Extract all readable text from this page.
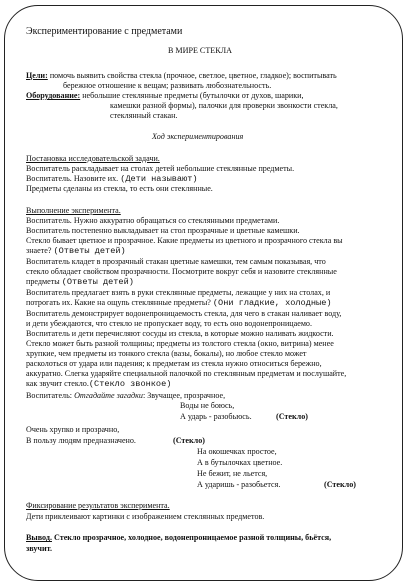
Экспериментирование с предметами
В МИРЕ СТЕКЛА
Цели: помочь выявить свойства стекла (прочное, светлое, цветное, гладкое); воспитывать
бережное отношение к вещам; развивать любознательность.
Оборудование: небольшие стеклянные предметы (бутылочки от духов, шарики,
камешки разной формы), палочки для проверки звонкости стекла,
стеклянный стакан.
Ход экспериментирования
Постановка исследовательской задачи.
Воспитатель раскладывает на столах детей небольшие стеклянные предметы.
Воспитатель. Назовите их. (Дети называют)
Предметы сделаны из стекла, то есть они стеклянные.
Выполнение эксперимента.
Воспитатель. Нужно аккуратно обращаться со стеклянными предметами.
Воспитатель постепенно выкладывает на стол прозрачные и цветные камешки.
Стекло бывает цветное и прозрачное. Какие предметы из цветного и прозрачного стекла вы
знаете? (Ответы детей)
Воспитатель кладет в прозрачный стакан цветные камешки, тем самым показывая, что
стекло обладает свойством прозрачности. Посмотрите вокруг себя и назовите стеклянные
предметы (Ответы детей)
Воспитатель предлагает взять в руки стеклянные предметы, лежащие у них на столах, и
потрогать их. Какие на ощупь стеклянные предметы? (Они гладкие, холодные)
Воспитатель демонстрирует водонепроницаемость стекла, для чего в стакан наливает воду,
и дети убеждаются, что стекло не пропускает воду, то есть оно водонепроницаемо.
Воспитатель и дети перечисляют сосуды из стекла, в которые можно наливать жидкости.
Стекло может быть разной толщины; предметы из толстого стекла (окно, витрина) менее
хрупкие, чем предметы из тонкого стекла (вазы, бокалы), но любое стекло может
расколоться от удара или падения; к предметам из стекла нужно относиться бережно,
аккуратно. Слегка ударяйте специальной палочкой по стеклянным предметам и послушайте,
как звучит стекло.(Стекло звонкое)
Воспитатель: Отгадайте загадки: Звучащее, прозрачное,
Воды не боюсь,
А ударь - разобьюсь.	(Стекло)
Очень хрупко и прозрачно,
В пользу людям предназначено.	(Стекло)
На окошечках простое,
А в бутылочках цветное.
Не бежит, не льется,
А ударишь - разобьется.	(Стекло)
Фиксирование результатов эксперимента.
Дети приклеивают картинки с изображением стеклянных предметов.
Вывод. Стекло прозрачное, холодное, водонепроницаемое разной толщины, бьётся,
звучит.
